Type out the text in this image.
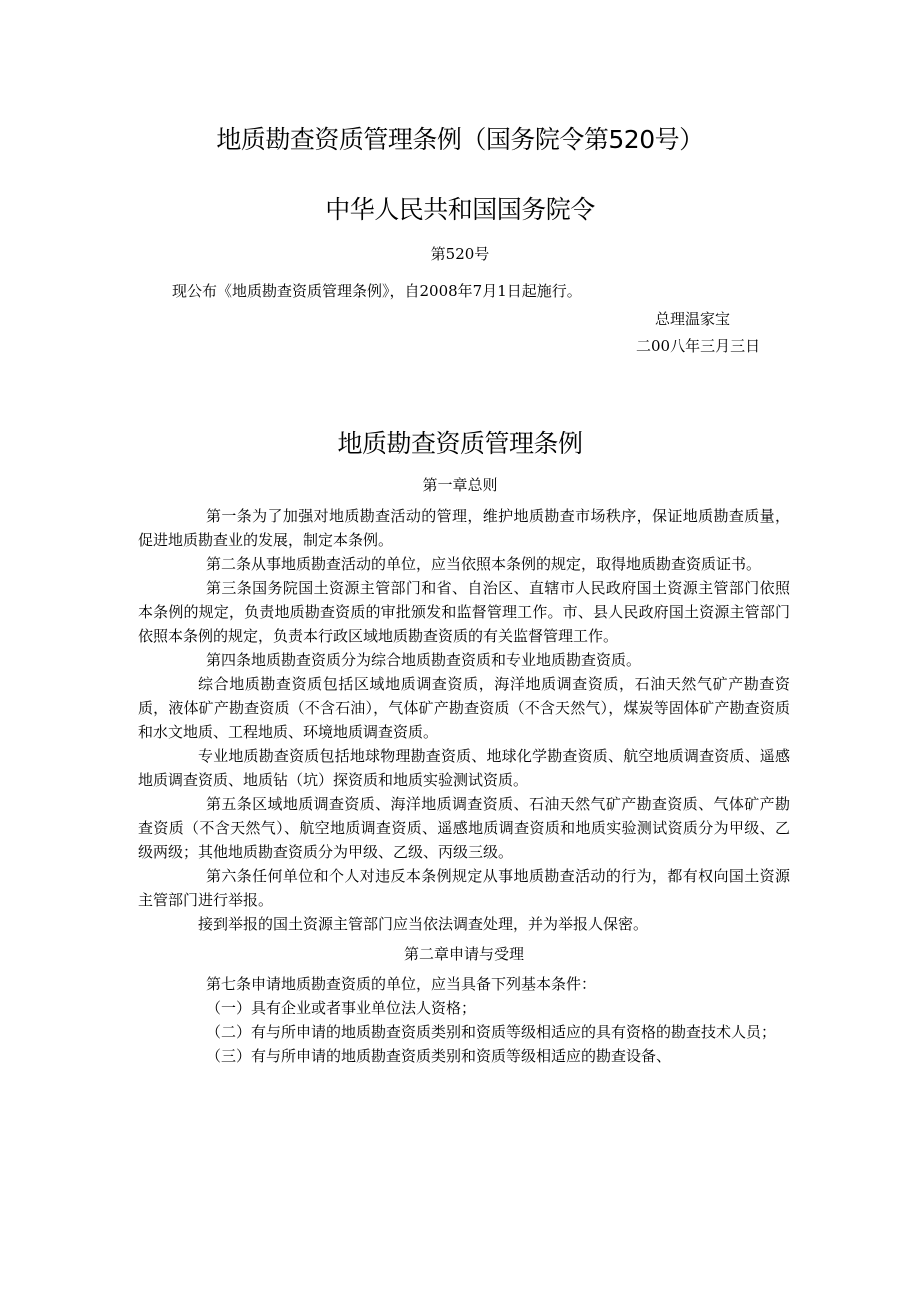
地质勘查资质管理条例（国务院令第520号）
中华人民共和国国务院令
第520号
现公布《地质勘查资质管理条例》，自2008年7月1日起施行。
总理温家宝
二00八年三月三日
地质勘查资质管理条例
第一章总则

第一条为了加强对地质勘查活动的管理，维护地质勘查市场秩序，保证地质勘查质量，促进地质勘查业的发展，制定本条例。

第二条从事地质勘查活动的单位，应当依照本条例的规定，取得地质勘查资质证书。

第三条国务院国土资源主管部门和省、自治区、直辖市人民政府国土资源主管部门依照本条例的规定，负责地质勘查资质的审批颁发和监督管理工作。市、县人民政府国土资源主管部门依照本条例的规定，负责本行政区域地质勘查资质的有关监督管理工作。

第四条地质勘查资质分为综合地质勘查资质和专业地质勘查资质。

综合地质勘查资质包括区域地质调查资质，海洋地质调查资质，石油天然气矿产勘查资质，液体矿产勘查资质（不含石油），气体矿产勘查资质（不含天然气），煤炭等固体矿产勘查资质和水文地质、工程地质、环境地质调查资质。

专业地质勘查资质包括地球物理勘查资质、地球化学勘查资质、航空地质调查资质、遥感地质调查资质、地质钻（坑）探资质和地质实验测试资质。

第五条区域地质调查资质、海洋地质调查资质、石油天然气矿产勘查资质、气体矿产勘查资质（不含天然气）、航空地质调查资质、遥感地质调查资质和地质实验测试资质分为甲级、乙级两级；其他地质勘查资质分为甲级、乙级、丙级三级。

第六条任何单位和个人对违反本条例规定从事地质勘查活动的行为，都有权向国土资源主管部门进行举报。

接到举报的国土资源主管部门应当依法调查处理，并为举报人保密。

第二章申请与受理

第七条申请地质勘查资质的单位，应当具备下列基本条件：

（一）具有企业或者事业单位法人资格；

（二）有与所申请的地质勘查资质类别和资质等级相适应的具有资格的勘查技术人员；

（三）有与所申请的地质勘查资质类别和资质等级相适应的勘查设备、
